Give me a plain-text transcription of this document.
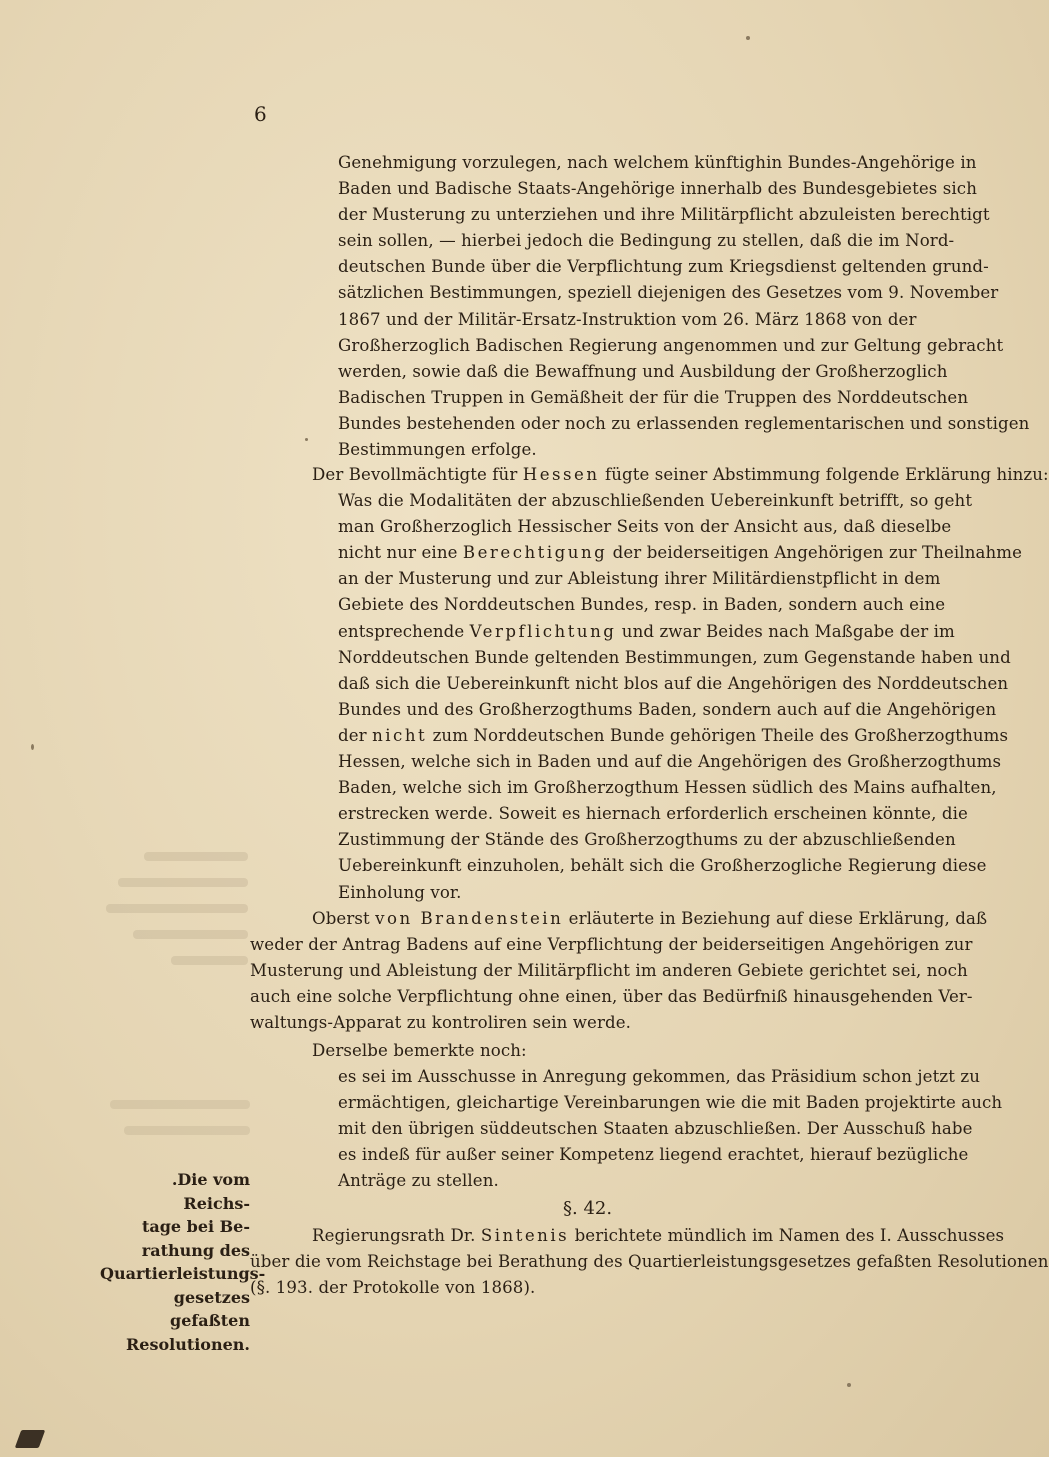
6
Genehmigung vorzulegen, nach welchem künftighin Bundes-Angehörige in
Baden und Badische Staats-Angehörige innerhalb des Bundesgebietes sich
der Musterung zu unterziehen und ihre Militärpflicht abzuleisten berechtigt
sein sollen, — hierbei jedoch die Bedingung zu stellen, daß die im Nord-
deutschen Bunde über die Verpflichtung zum Kriegsdienst geltenden grund-
sätzlichen Bestimmungen, speziell diejenigen des Gesetzes vom 9. November
1867 und der Militär-Ersatz-Instruktion vom 26. März 1868 von der
Großherzoglich Badischen Regierung angenommen und zur Geltung gebracht
werden, sowie daß die Bewaffnung und Ausbildung der Großherzoglich
Badischen Truppen in Gemäßheit der für die Truppen des Norddeutschen
Bundes bestehenden oder noch zu erlassenden reglementarischen und sonstigen
Bestimmungen erfolge.
Der Bevollmächtigte für Hessen fügte seiner Abstimmung folgende Erklärung hinzu:
Was die Modalitäten der abzuschließenden Uebereinkunft betrifft, so geht
man Großherzoglich Hessischer Seits von der Ansicht aus, daß dieselbe
nicht nur eine Berechtigung der beiderseitigen Angehörigen zur Theilnahme
an der Musterung und zur Ableistung ihrer Militärdienstpflicht in dem
Gebiete des Norddeutschen Bundes, resp. in Baden, sondern auch eine
entsprechende Verpflichtung und zwar Beides nach Maßgabe der im
Norddeutschen Bunde geltenden Bestimmungen, zum Gegenstande haben und
daß sich die Uebereinkunft nicht blos auf die Angehörigen des Norddeutschen
Bundes und des Großherzogthums Baden, sondern auch auf die Angehörigen
der nicht zum Norddeutschen Bunde gehörigen Theile des Großherzogthums
Hessen, welche sich in Baden und auf die Angehörigen des Großherzogthums
Baden, welche sich im Großherzogthum Hessen südlich des Mains aufhalten,
erstrecken werde. Soweit es hiernach erforderlich erscheinen könnte, die
Zustimmung der Stände des Großherzogthums zu der abzuschließenden
Uebereinkunft einzuholen, behält sich die Großherzogliche Regierung diese
Einholung vor.
Oberst von Brandenstein erläuterte in Beziehung auf diese Erklärung, daß
weder der Antrag Badens auf eine Verpflichtung der beiderseitigen Angehörigen zur
Musterung und Ableistung der Militärpflicht im anderen Gebiete gerichtet sei, noch
auch eine solche Verpflichtung ohne einen, über das Bedürfniß hinausgehenden Ver-
waltungs-Apparat zu kontroliren sein werde.
Derselbe bemerkte noch:
es sei im Ausschusse in Anregung gekommen, das Präsidium schon jetzt zu
ermächtigen, gleichartige Vereinbarungen wie die mit Baden projektirte auch
mit den übrigen süddeutschen Staaten abzuschließen. Der Ausschuß habe
es indeß für außer seiner Kompetenz liegend erachtet, hierauf bezügliche
Anträge zu stellen.
§. 42.
Regierungsrath Dr. Sintenis berichtete mündlich im Namen des I. Ausschusses
über die vom Reichstage bei Berathung des Quartierleistungsgesetzes gefaßten Resolutionen
(§. 193. der Protokolle von 1868).
.Die vom Reichs-
tage bei Be-
rathung des
Quartierleistungs-
gesetzes gefaßten
Resolutionen.
